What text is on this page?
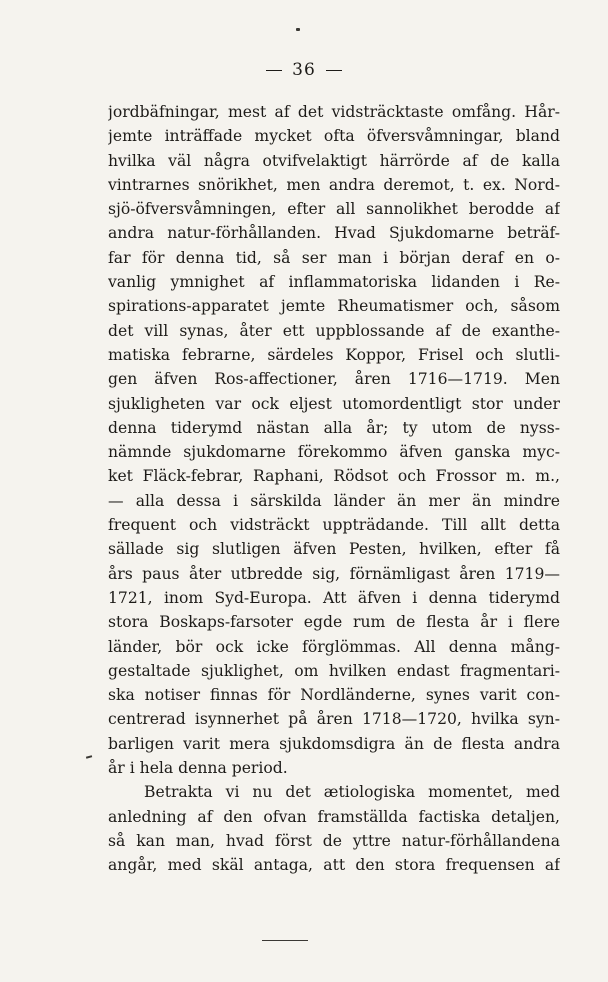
36
jordbäfningar, mest af det vidsträcktaste omfång. Hår-
jemte inträffade mycket ofta öfversvåmningar, bland
hvilka väl några otvifvelaktigt härrörde af de kalla
vintrarnes snörikhet, men andra deremot, t. ex. Nord-
sjö-öfversvåmningen, efter all sannolikhet berodde af
andra natur-förhållanden. Hvad Sjukdomarne beträf-
far för denna tid, så ser man i början deraf en o-
vanlig ymnighet af inflammatoriska lidanden i Re-
spirations-apparatet jemte Rheumatismer och, såsom
det vill synas, åter ett uppblossande af de exanthe-
matiska febrarne, särdeles Koppor, Frisel och slutli-
gen äfven Ros-affectioner, åren 1716—1719. Men
sjukligheten var ock eljest utomordentligt stor under
denna tiderymd nästan alla år; ty utom de nyss-
nämnde sjukdomarne förekommo äfven ganska myc-
ket Fläck-febrar, Raphani, Rödsot och Frossor m. m.,
— alla dessa i särskilda länder än mer än mindre
frequent och vidsträckt uppträdande. Till allt detta
sällade sig slutligen äfven Pesten, hvilken, efter få
års paus åter utbredde sig, förnämligast åren 1719—
1721, inom Syd-Europa. Att äfven i denna tiderymd
stora Boskaps-farsoter egde rum de flesta år i flere
länder, bör ock icke förglömmas. All denna mång-
gestaltade sjuklighet, om hvilken endast fragmentari-
ska notiser finnas för Nordländerne, synes varit con-
centrerad isynnerhet på åren 1718—1720, hvilka syn-
barligen varit mera sjukdomsdigra än de flesta andra
år i hela denna period.
Betrakta vi nu det ætiologiska momentet, med
anledning af den ofvan framställda factiska detaljen,
så kan man, hvad först de yttre natur-förhållandena
angår, med skäl antaga, att den stora frequensen af
